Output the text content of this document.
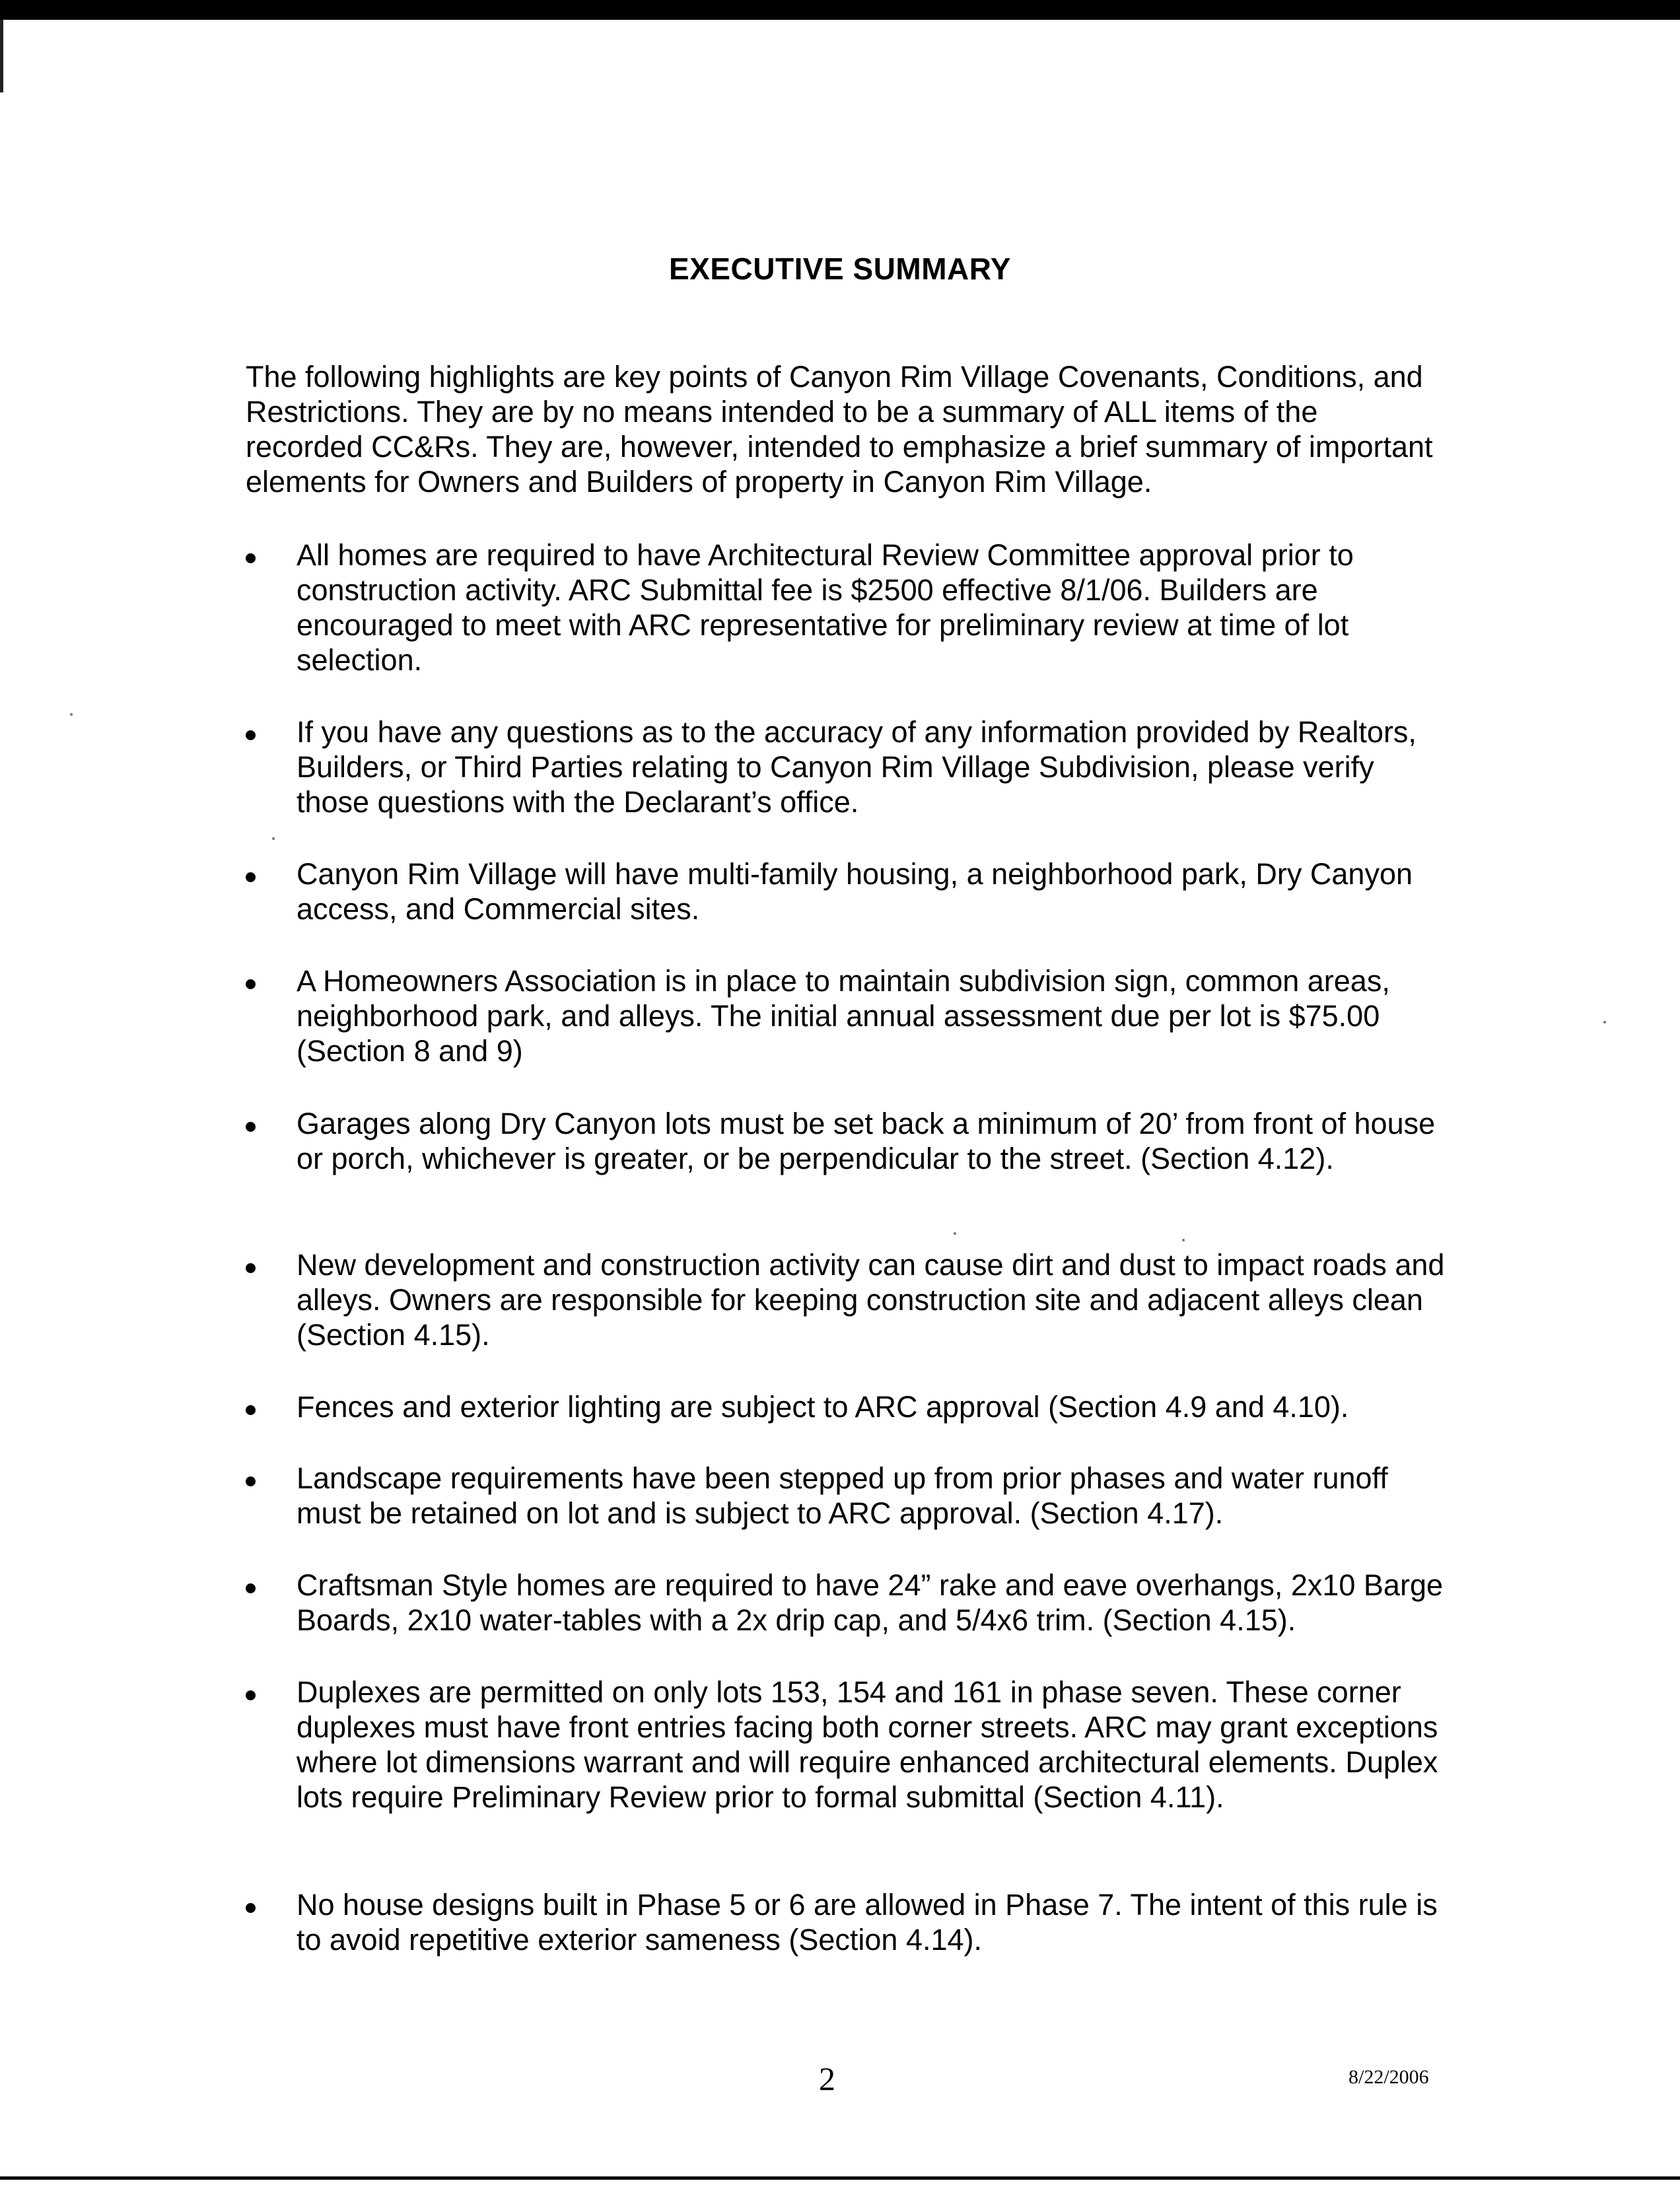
EXECUTIVE SUMMARY

The following highlights are key points of Canyon Rim Village Covenants, Conditions, and Restrictions. They are by no means intended to be a summary of ALL items of the recorded CC&Rs. They are, however, intended to emphasize a brief summary of important elements for Owners and Builders of property in Canyon Rim Village.

All homes are required to have Architectural Review Committee approval prior to construction activity. ARC Submittal fee is $2500 effective 8/1/06. Builders are encouraged to meet with ARC representative for preliminary review at time of lot selection.

If you have any questions as to the accuracy of any information provided by Realtors, Builders, or Third Parties relating to Canyon Rim Village Subdivision, please verify those questions with the Declarant’s office.

Canyon Rim Village will have multi-family housing, a neighborhood park, Dry Canyon access, and Commercial sites.

A Homeowners Association is in place to maintain subdivision sign, common areas, neighborhood park, and alleys. The initial annual assessment due per lot is $75.00 (Section 8 and 9)

Garages along Dry Canyon lots must be set back a minimum of 20’ from front of house or porch, whichever is greater, or be perpendicular to the street. (Section 4.12).

New development and construction activity can cause dirt and dust to impact roads and alleys. Owners are responsible for keeping construction site and adjacent alleys clean (Section 4.15).

Fences and exterior lighting are subject to ARC approval (Section 4.9 and 4.10).

Landscape requirements have been stepped up from prior phases and water runoff must be retained on lot and is subject to ARC approval. (Section 4.17).

Craftsman Style homes are required to have 24” rake and eave overhangs, 2x10 Barge Boards, 2x10 water-tables with a 2x drip cap, and 5/4x6 trim. (Section 4.15).

Duplexes are permitted on only lots 153, 154 and 161 in phase seven. These corner duplexes must have front entries facing both corner streets. ARC may grant exceptions where lot dimensions warrant and will require enhanced architectural elements. Duplex lots require Preliminary Review prior to formal submittal (Section 4.11).

No house designs built in Phase 5 or 6 are allowed in Phase 7. The intent of this rule is to avoid repetitive exterior sameness (Section 4.14).

2	8/22/2006
